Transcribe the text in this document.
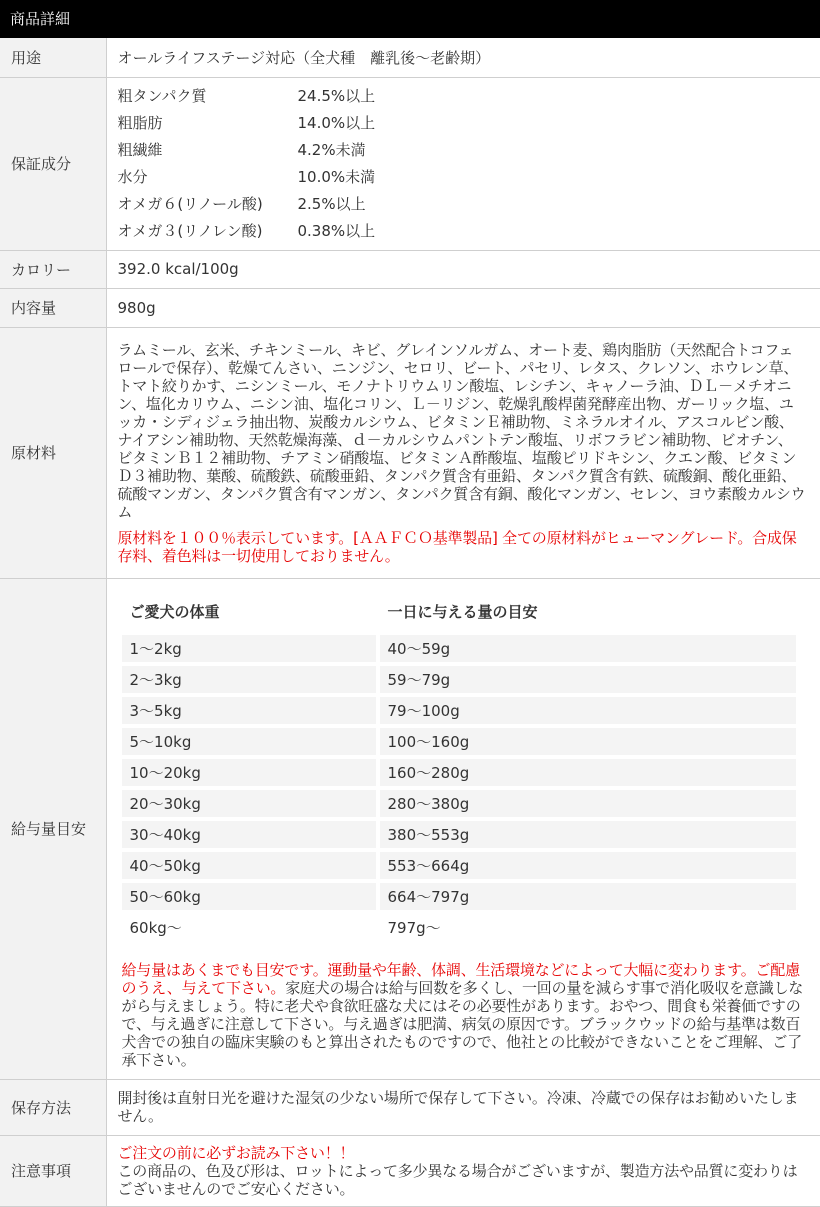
商品詳細
用途	オールライフステージ対応（全犬種　離乳後～老齢期）
保証成分	
粗タンパク質	24.5%以上
粗脂肪	14.0%以上
粗繊維	4.2%未満
水分	10.0%未満
オメガ６(リノール酸)	2.5%以上
オメガ３(リノレン酸)	0.38%以上

カロリー	392.0 kcal/100g
内容量	980g
原材料	
ラムミール、玄米、チキンミール、キビ、グレインソルガム、オート麦、鶏肉脂肪（天然配合トコフェロールで保存）、乾燥てんさい、ニンジン、セロリ、ビート、パセリ、レタス、クレソン、ホウレン草、トマト絞りかす、ニシンミール、モノナトリウムリン酸塩、レシチン、キャノーラ油、ＤＬ－メチオニン、塩化カリウム、ニシン油、塩化コリン、Ｌ－リジン、乾燥乳酸桿菌発酵産出物、ガーリック塩、ユッカ・シディジェラ抽出物、炭酸カルシウム、ビタミンＥ補助物、ミネラルオイル、アスコルビン酸、ナイアシン補助物、天然乾燥海藻、ｄ－カルシウムパントテン酸塩、リボフラビン補助物、ビオチン、ビタミンＢ１２補助物、チアミン硝酸塩、ビタミンＡ酢酸塩、塩酸ピリドキシン、クエン酸、ビタミンＤ３補助物、葉酸、硫酸鉄、硫酸亜鉛、タンパク質含有亜鉛、タンパク質含有鉄、硫酸銅、酸化亜鉛、硫酸マンガン、タンパク質含有マンガン、タンパク質含有銅、酸化マンガン、セレン、ヨウ素酸カルシウム
原材料を１００％表示しています。[ＡＡＦＣＯ基準製品] 全ての原材料がヒューマングレード。合成保存料、着色料は一切使用しておりません。

給与量目安	
ご愛犬の体重	一日に与える量の目安
1～2kg	40～59g
2～3kg	59～79g
3～5kg	79～100g
5～10kg	100～160g
10～20kg	160～280g
20～30kg	280～380g
30～40kg	380～553g
40～50kg	553～664g
50～60kg	664～797g
60kg～	797g～
給与量はあくまでも目安です。運動量や年齢、体調、生活環境などによって大幅に変わります。ご配慮のうえ、与えて下さい。家庭犬の場合は給与回数を多くし、一回の量を減らす事で消化吸収を意識しながら与えましょう。特に老犬や食欲旺盛な犬にはその必要性があります。おやつ、間食も栄養価ですので、与え過ぎに注意して下さい。与え過ぎは肥満、病気の原因です。ブラックウッドの給与基準は数百犬舎での独自の臨床実験のもと算出されたものですので、他社との比較ができないことをご理解、ご了承下さい。

保存方法	
開封後は直射日光を避けた湿気の少ない場所で保存して下さい。冷凍、冷蔵での保存はお勧めいたしません。

注意事項	
ご注文の前に必ずお読み下さい！！
この商品の、色及び形は、ロットによって多少異なる場合がございますが、製造方法や品質に変わりはございませんのでご安心ください。
